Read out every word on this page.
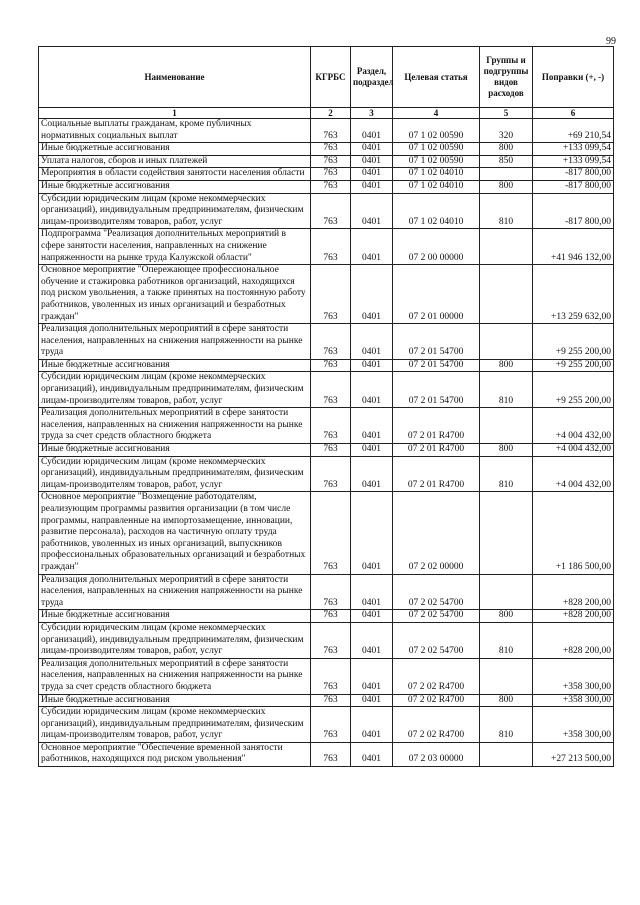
99
Наименование	КГРБС	Раздел, подраздел	Целевая статья	Группы и подгруппы видов расходов	Поправки (+, -)
1	2	3	4	5	6
Социальные выплаты гражданам, кроме публичных нормативных социальных выплат	763	0401	07 1 02 00590	320	+69 210,54
Иные бюджетные ассигнования	763	0401	07 1 02 00590	800	+133 099,54
Уплата налогов, сборов и иных платежей	763	0401	07 1 02 00590	850	+133 099,54
Мероприятия в области содействия занятости населения области	763	0401	07 1 02 04010		-817 800,00
Иные бюджетные ассигнования	763	0401	07 1 02 04010	800	-817 800,00
Субсидии юридическим лицам (кроме некоммерческих организаций), индивидуальным предпринимателям, физическим лицам-производителям товаров, работ, услуг	763	0401	07 1 02 04010	810	-817 800,00
Подпрограмма "Реализация дополнительных мероприятий в сфере занятости населения, направленных на снижение напряженности на рынке труда Калужской области"	763	0401	07 2 00 00000		+41 946 132,00
Основное мероприятие "Опережающее профессиональное обучение и стажировка работников организаций, находящихся под риском увольнения, а также принятых на постоянную работу работников, уволенных из иных организаций и безработных граждан"	763	0401	07 2 01 00000		+13 259 632,00
Реализация дополнительных мероприятий в сфере занятости населения, направленных на снижения напряженности на рынке труда	763	0401	07 2 01 54700		+9 255 200,00
Иные бюджетные ассигнования	763	0401	07 2 01 54700	800	+9 255 200,00
Субсидии юридическим лицам (кроме некоммерческих организаций), индивидуальным предпринимателям, физическим лицам-производителям товаров, работ, услуг	763	0401	07 2 01 54700	810	+9 255 200,00
Реализация дополнительных мероприятий в сфере занятости населения, направленных на снижения напряженности на рынке труда за счет средств областного бюджета	763	0401	07 2 01 R4700		+4 004 432,00
Иные бюджетные ассигнования	763	0401	07 2 01 R4700	800	+4 004 432,00
Субсидии юридическим лицам (кроме некоммерческих организаций), индивидуальным предпринимателям, физическим лицам-производителям товаров, работ, услуг	763	0401	07 2 01 R4700	810	+4 004 432,00
Основное мероприятие "Возмещение работодателям, реализующим программы развития организации (в том числе программы, направленные на импортозамещение, инновации, развитие персонала), расходов на частичную оплату труда работников, уволенных из иных организаций, выпускников профессиональных образовательных организаций и безработных граждан"	763	0401	07 2 02 00000		+1 186 500,00
Реализация дополнительных мероприятий в сфере занятости населения, направленных на снижения напряженности на рынке труда	763	0401	07 2 02 54700		+828 200,00
Иные бюджетные ассигнования	763	0401	07 2 02 54700	800	+828 200,00
Субсидии юридическим лицам (кроме некоммерческих организаций), индивидуальным предпринимателям, физическим лицам-производителям товаров, работ, услуг	763	0401	07 2 02 54700	810	+828 200,00
Реализация дополнительных мероприятий в сфере занятости населения, направленных на снижения напряженности на рынке труда за счет средств областного бюджета	763	0401	07 2 02 R4700		+358 300,00
Иные бюджетные ассигнования	763	0401	07 2 02 R4700	800	+358 300,00
Субсидии юридическим лицам (кроме некоммерческих организаций), индивидуальным предпринимателям, физическим лицам-производителям товаров, работ, услуг	763	0401	07 2 02 R4700	810	+358 300,00
Основное мероприятие "Обеспечение временной занятости работников, находящихся под риском увольнения"	763	0401	07 2 03 00000		+27 213 500,00
